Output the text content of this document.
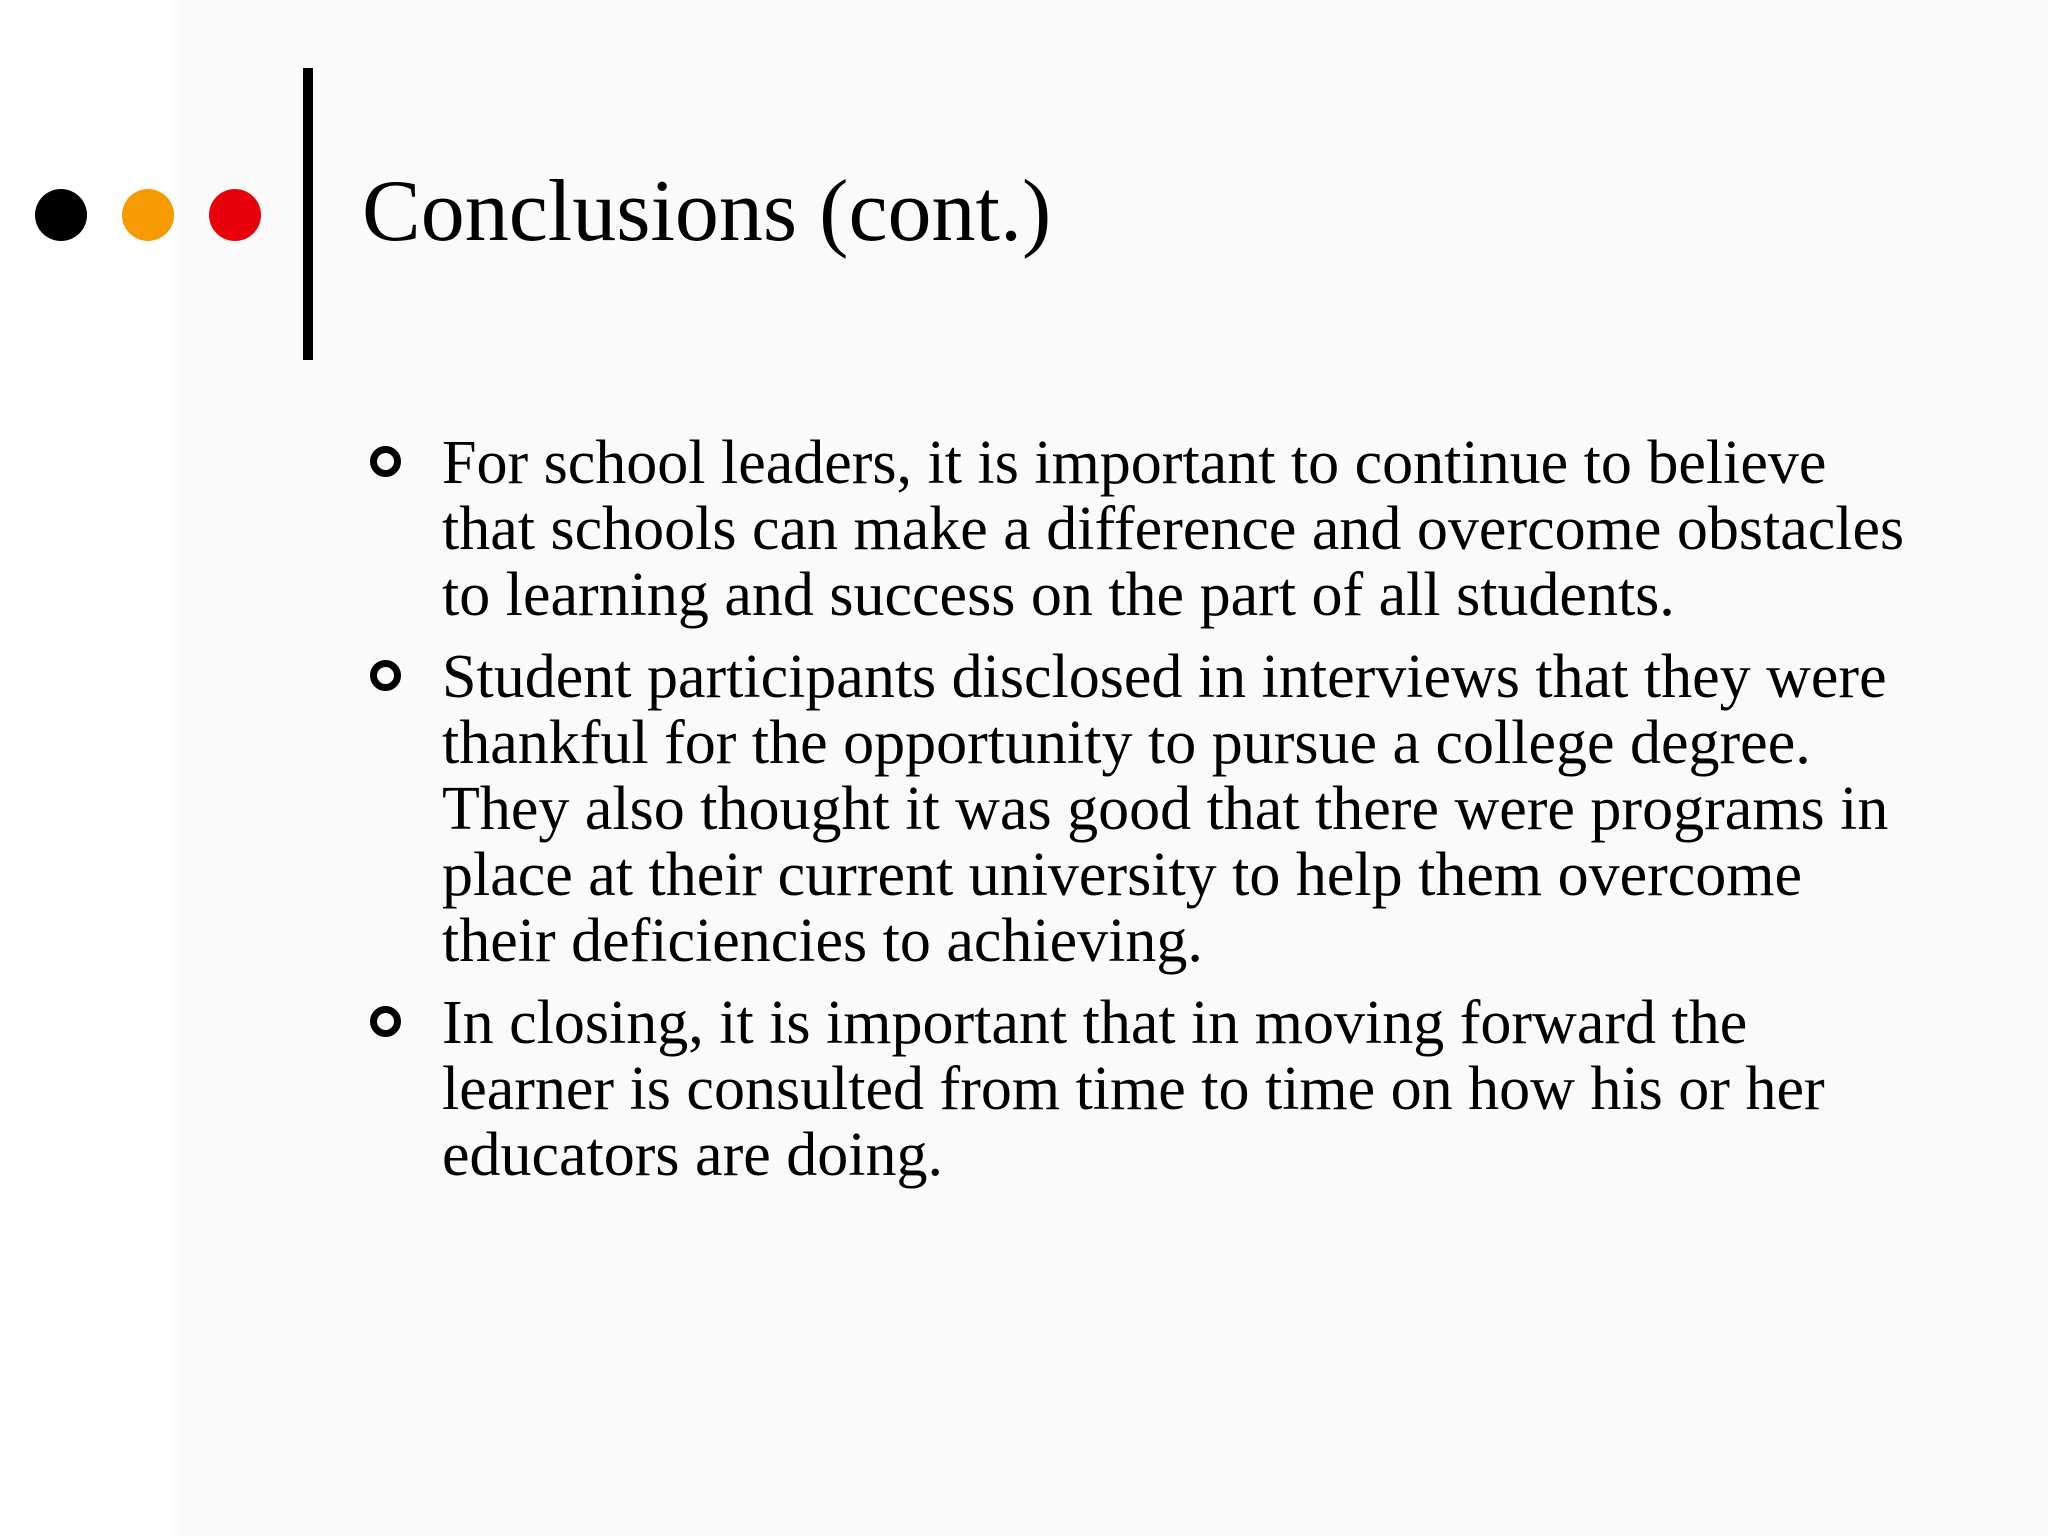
Conclusions (cont.)
For school leaders, it is important to continue to believe that schools can make a difference and overcome obstacles to learning and success on the part of all students.
Student participants disclosed in interviews that they were thankful for the opportunity to pursue a college degree. They also thought it was good that there were programs in place at their current university to help them overcome their deficiencies to achieving.
In closing, it is important that in moving forward the learner is consulted from time to time on how his or her educators are doing.
